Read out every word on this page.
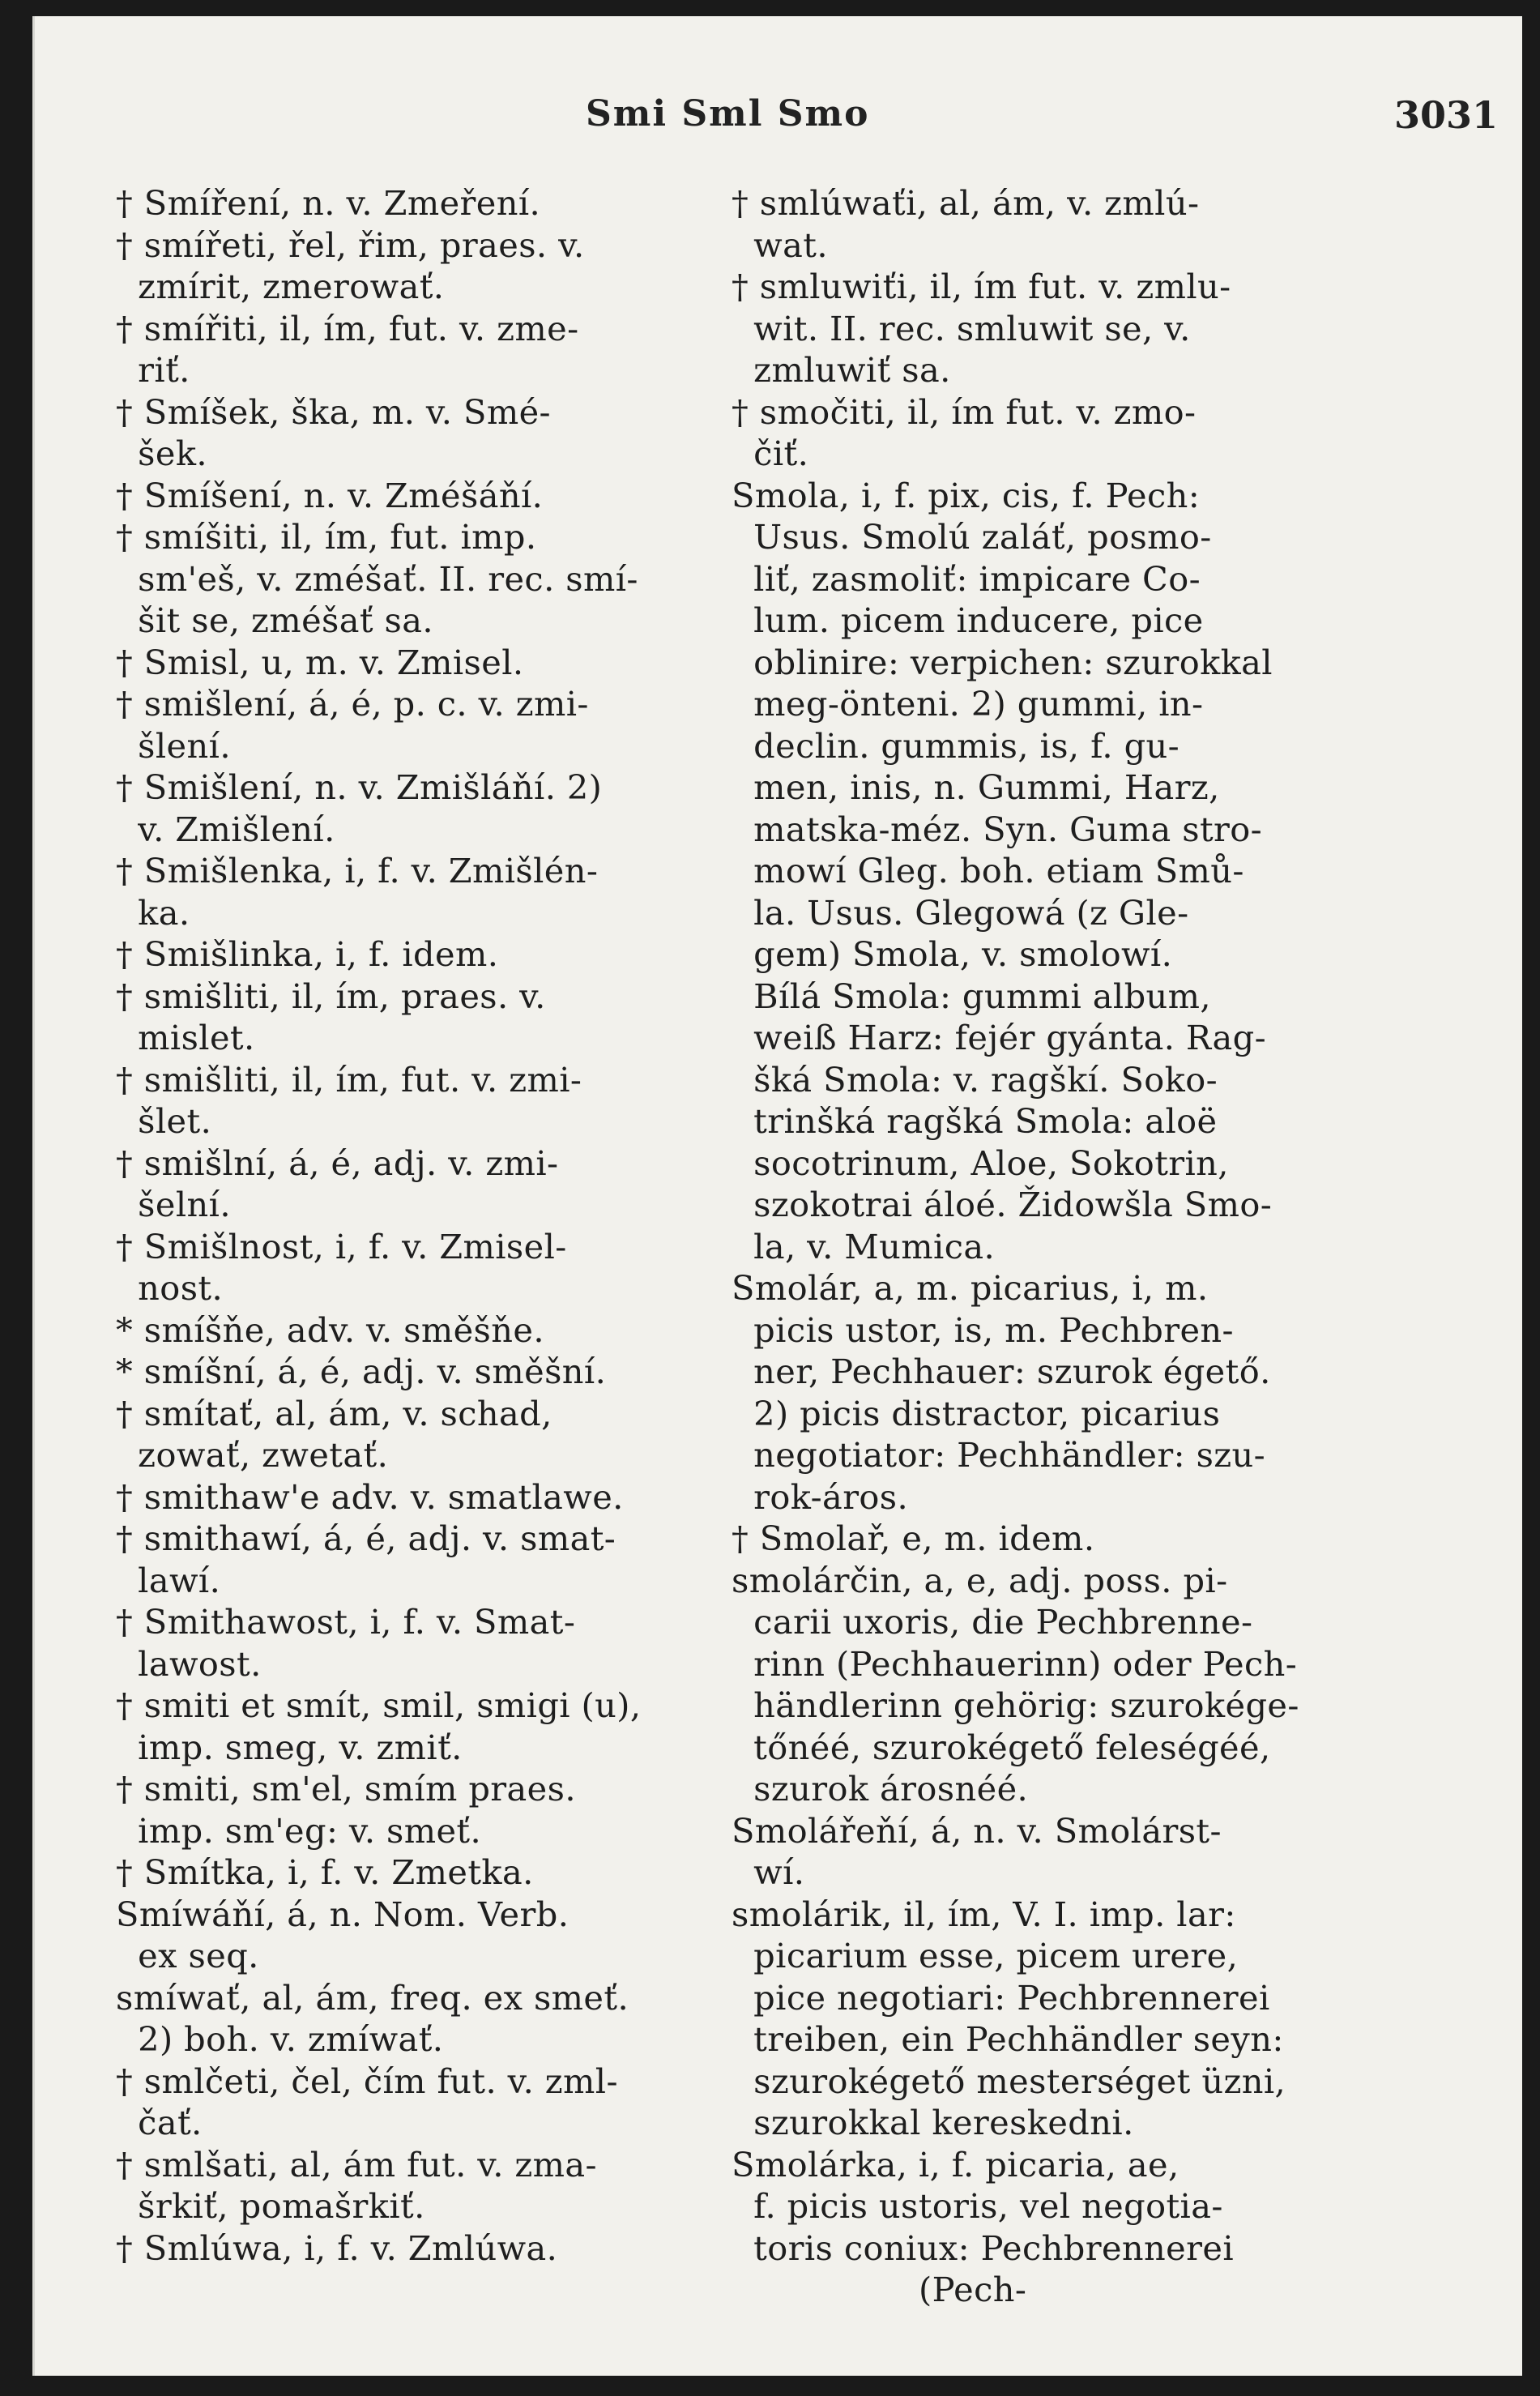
Smi Sml Smo	3031
† Smíření, n. v. Zmeření.
† smířeti, řel, řim, praes. v.
zmírit, zmerowať.
† smířiti, il, ím, fut. v. zme-
riť.
† Smíšek, ška, m. v. Smé-
šek.
† Smíšení, n. v. Zméšáňí.
† smíšiti, il, ím, fut. imp.
sm'eš, v. zméšať. II. rec. smí-
šit se, zméšať sa.
† Smisl, u, m. v. Zmisel.
† smišlení, á, é, p. c. v. zmi-
šlení.
† Smišlení, n. v. Zmišláňí. 2)
v. Zmišlení.
† Smišlenka, i, f. v. Zmišlén-
ka.
† Smišlinka, i, f. idem.
† smišliti, il, ím, praes. v.
mislet.
† smišliti, il, ím, fut. v. zmi-
šlet.
† smišlní, á, é, adj. v. zmi-
šelní.
† Smišlnost, i, f. v. Zmisel-
nost.
* smíšňe, adv. v. směšňe.
* smíšní, á, é, adj. v. směšní.
† smítať, al, ám, v. schad,
zowať, zwetať.
† smithaw'e adv. v. smatlawe.
† smithawí, á, é, adj. v. smat-
lawí.
† Smithawost, i, f. v. Smat-
lawost.
† smiti et smít, smil, smigi (u),
imp. smeg, v. zmiť.
† smiti, sm'el, smím praes.
imp. sm'eg: v. smeť.
† Smítka, i, f. v. Zmetka.
Smíwáňí, á, n. Nom. Verb.
ex seq.
smíwať, al, ám, freq. ex smeť.
2) boh. v. zmíwať.
† smlčeti, čel, čím fut. v. zml-
čať.
† smlšati, al, ám fut. v. zma-
šrkiť, pomašrkiť.
† Smlúwa, i, f. v. Zmlúwa.
† smlúwaťi, al, ám, v. zmlú-
wat.
† smluwiťi, il, ím fut. v. zmlu-
wit. II. rec. smluwit se, v.
zmluwiť sa.
† smočiti, il, ím fut. v. zmo-
čiť.
Smola, i, f. pix, cis, f. Pech:
Usus. Smolú zaláť, posmo-
liť, zasmoliť: impicare Co-
lum. picem inducere, pice
oblinire: verpichen: szurokkal
meg-önteni. 2) gummi, in-
declin. gummis, is, f. gu-
men, inis, n. Gummi, Harz,
matska-méz. Syn. Guma stro-
mowí Gleg. boh. etiam Smů-
la. Usus. Glegowá (z Gle-
gem) Smola, v. smolowí.
Bílá Smola: gummi album,
weiß Harz: fejér gyánta. Rag-
šká Smola: v. ragškí. Soko-
trinšká ragšká Smola: aloë
socotrinum, Aloe, Sokotrin,
szokotrai áloé. Židowšla Smo-
la, v. Mumica.
Smolár, a, m. picarius, i, m.
picis ustor, is, m. Pechbren-
ner, Pechhauer: szurok égető.
2) picis distractor, picarius
negotiator: Pechhändler: szu-
rok-áros.
† Smolař, e, m. idem.
smolárčin, a, e, adj. poss. pi-
carii uxoris, die Pechbrenne-
rinn (Pechhauerinn) oder Pech-
händlerinn gehörig: szurokége-
tőnéé, szurokégető feleségéé,
szurok árosnéé.
Smolářeňí, á, n. v. Smolárst-
wí.
smolárik, il, ím, V. I. imp. lar:
picarium esse, picem urere,
pice negotiari: Pechbrennerei
treiben, ein Pechhändler seyn:
szurokégető mesterséget üzni,
szurokkal kereskedni.
Smolárka, i, f. picaria, ae,
f. picis ustoris, vel negotia-
toris coniux: Pechbrennerei
(Pech-
